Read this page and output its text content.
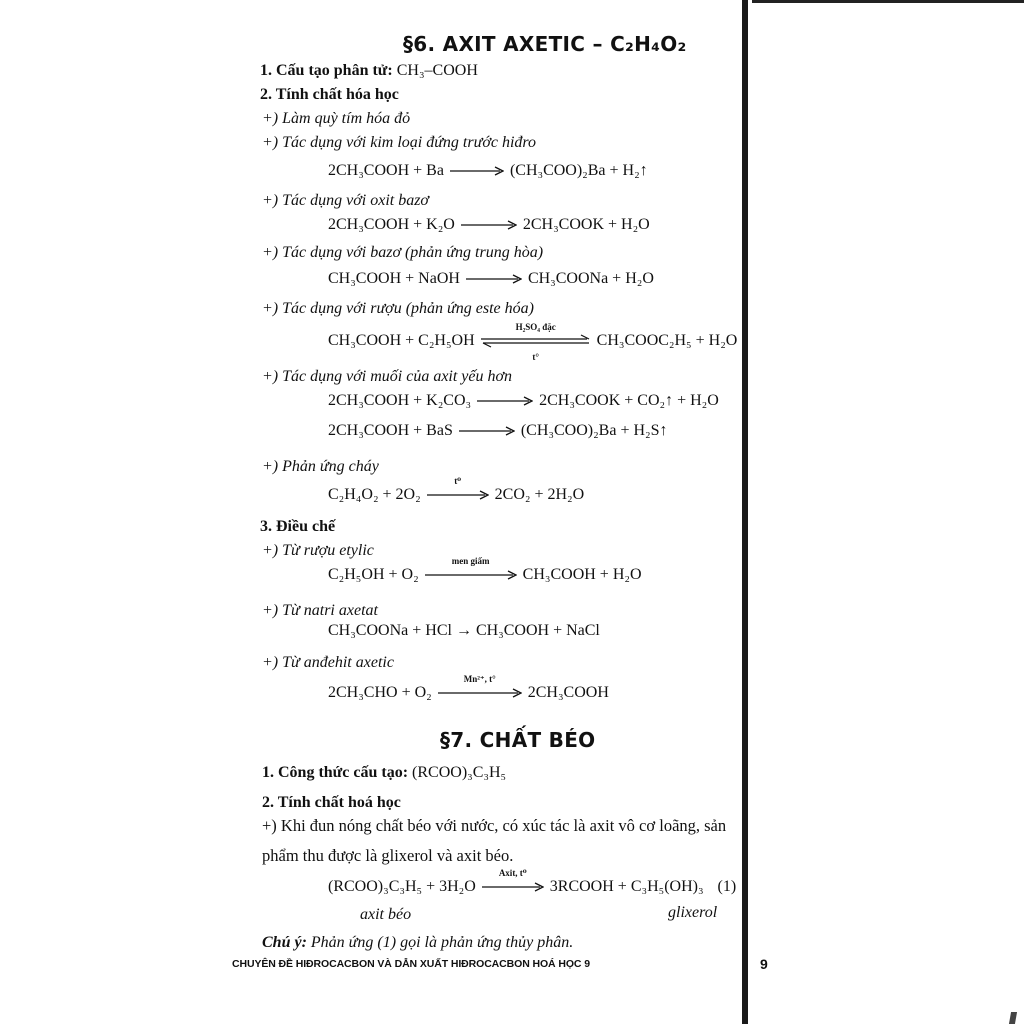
§6. AXIT AXETIC – C₂H₄O₂
1. Cấu tạo phân tử: CH₃–COOH
2. Tính chất hóa học
+) Làm quỳ tím hóa đỏ
+) Tác dụng với kim loại đứng trước hiđro
2CH₃COOH + Ba	(CH₃COO)₂Ba + H₂↑
+) Tác dụng với oxit bazơ
2CH₃COOH + K₂O	2CH₃COOK + H₂O
+) Tác dụng với bazơ (phản ứng trung hòa)
CH₃COOH + NaOH	CH₃COONa + H₂O
+) Tác dụng với rượu (phản ứng este hóa)
CH₃COOH + C₂H₅OH
H₂SO₄ đặc
t°
CH₃COOC₂H₅ + H₂O
+) Tác dụng với muối của axit yếu hơn
2CH₃COOH + K₂CO₃	2CH₃COOK + CO₂↑ + H₂O
2CH₃COOH + BaS	(CH₃COO)₂Ba + H₂S↑
+) Phản ứng cháy
C₂H₄O₂ + 2O₂
t⁰
2CO₂ + 2H₂O
3. Điều chế
+) Từ rượu etylic
C₂H₅OH + O₂
men giấm
CH₃COOH + H₂O
+) Từ natri axetat
CH₃COONa + HCl → CH₃COOH + NaCl
+) Từ anđehit axetic
2CH₃CHO + O₂
Mn²⁺, t°
2CH₃COOH
§7. CHẤT BÉO
1. Công thức cấu tạo: (RCOO)₃C₃H₅
2. Tính chất hoá học
+) Khi đun nóng chất béo với nước, có xúc tác là axit vô cơ loãng, sản
phẩm thu được là glixerol và axit béo.
(RCOO)₃C₃H₅ + 3H₂O
Axit, t⁰
3RCOOH + C₃H₅(OH)₃ (1)
axit béo	glixerol
Chú ý: Phản ứng (1) gọi là phản ứng thủy phân.
CHUYÊN ĐỀ HIĐROCACBON VÀ DẪN XUẤT HIĐROCACBON HOÁ HỌC 9	9
